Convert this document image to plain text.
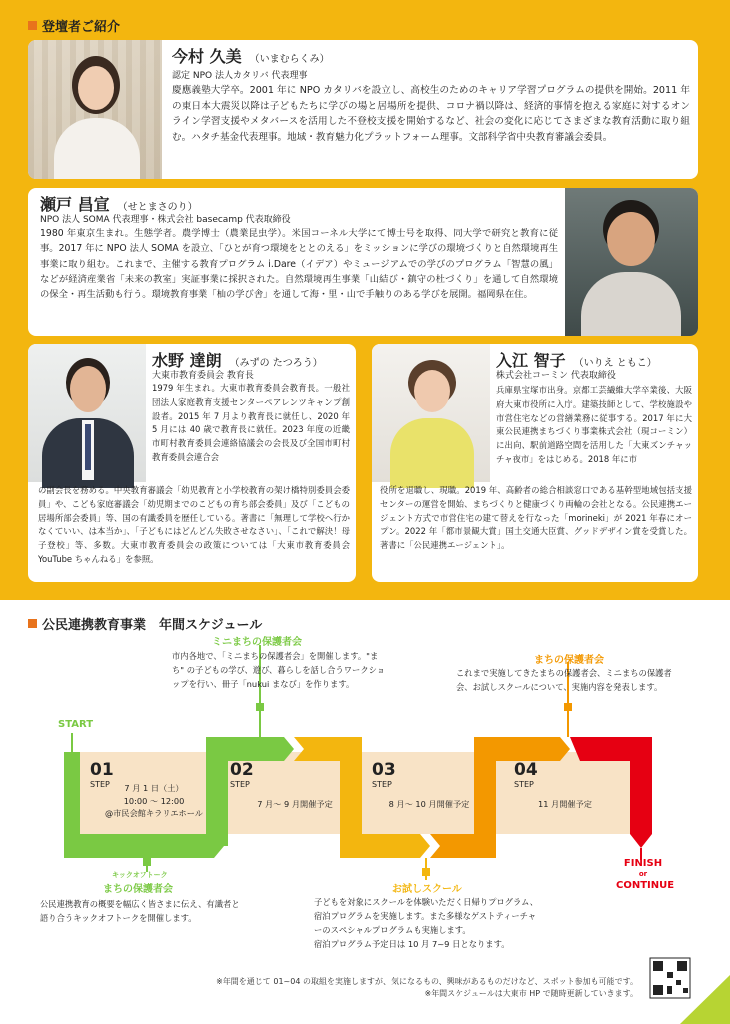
登壇者ご紹介
今村 久美 （いまむらくみ）
認定 NPO 法人カタリバ 代表理事
慶應義塾大学卒。2001 年に NPO カタリバを設立し、高校生のためのキャリア学習プログラムの提供を開始。2011 年の東日本大震災以降は子どもたちに学びの場と居場所を提供、コロナ禍以降は、経済的事情を抱える家庭に対するオンライン学習支援やメタバースを活用した不登校支援を開始するなど、社会の変化に応じてさまざまな教育活動に取り組む。ハタチ基金代表理事。地域・教育魅力化プラットフォーム理事。文部科学省中央教育審議会委員。
瀬戸 昌宣 （せとまさのり）
NPO 法人 SOMA 代表理事・株式会社 basecamp 代表取締役
1980 年東京生まれ。生態学者。農学博士（農業昆虫学）。米国コーネル大学にて博士号を取得、同大学で研究と教育に従事。2017 年に NPO 法人 SOMA を設立、「ひとが育つ環境をととのえる」をミッションに学びの環境づくりと自然環境再生事業に取り組む。これまで、主催する教育プログラム i.Dare（イデア）やミュージアムでの学びのプログラム「智慧の風」などが経済産業省「未来の教室」実証事業に採択された。自然環境再生事業「山結び・鎮守の杜づくり」を通して自然環境の保全・再生活動も行う。環境教育事業「杣の学び舎」を通して海・里・山で手触りのある学びを展開。福岡県在住。
水野 達朗 （みずの たつろう）
大東市教育委員会 教育長
1979 年生まれ。大東市教育委員会教育長。一般社団法人家庭教育支援センターペアレンツキャンプ創設者。2015 年 7 月より教育長に就任し、2020 年 5 月には 40 歳で教育長に就任。2023 年度の近畿市町村教育委員会連絡協議会の会長及び全国市町村教育委員会連合会
の副会長を務める。中央教育審議会「幼児教育と小学校教育の架け橋特別委員会委員」や、こども家庭審議会「幼児期までのこどもの育ち部会委員」及び「こどもの居場所部会委員」等、国の有識委員を歴任している。著書に「無理して学校へ行かなくていい、は本当か」、「子どもにはどんどん失敗させなさい」、「これで解決！母子登校」等、多数。大東市教育委員会の政策については「大東市教育委員会 YouTube ちゃんねる」を参照。
入江 智子 （いりえ ともこ）
株式会社コーミン 代表取締役
兵庫県宝塚市出身。京都工芸繊維大学卒業後、大阪府大東市役所に入庁。建築技師として、学校施設や市営住宅などの営繕業務に従事する。2017 年に大東公民連携まちづくり事業株式会社（現コーミン）に出向、駅前道路空間を活用した「大東ズンチャッチャ夜市」をはじめる。2018 年に市
役所を退職し、現職。2019 年、高齢者の総合相談窓口である基幹型地域包括支援センターの運営を開始、まちづくりと健康づくり両輪の会社となる。公民連携エージェント方式で市営住宅の建て替えを行なった「morineki」が 2021 年春にオープン。2022 年「都市景観大賞」国土交通大臣賞、グッドデザイン賞を受賞した。著書に「公民連携エージェント」。
公民連携教育事業　年間スケジュール
START
FINISH
or
CONTINUE
01
STEP	7 月 1 日（土）
10:00 ～ 12:00
@市民会館キラリエホール
02
STEP
7 月～ 9 月開催予定
03
STEP
8 月～ 10 月開催予定
04
STEP
11 月開催予定
ミニまちの保護者会
市内各地で、「ミニまちの保護者会」を開催します。"まち" の子どもの学び、遊び、暮らしを話し合うワークショップを行い、冊子「nukui まなび」を作ります。
まちの保護者会
これまで実施してきたまちの保護者会、ミニまちの保護者会、お試しスクールについて、実施内容を発表します。
キックオフトーク
まちの保護者会
公民連携教育の概要を幅広く皆さまに伝え、有識者と語り合うキックオフトークを開催します。
お試しスクール
子どもを対象にスクールを体験いただく日帰りプログラム、宿泊プログラムを実施します。また多様なゲストティーチャーのスペシャルプログラムも実施します。
宿泊プログラム予定日は 10 月 7~9 日となります。
※年間を通じて 01~04 の取組を実施しますが、気になるもの、興味があるものだけなど、スポット参加も可能です。
※年間スケジュールは大東市 HP で随時更新していきます。
